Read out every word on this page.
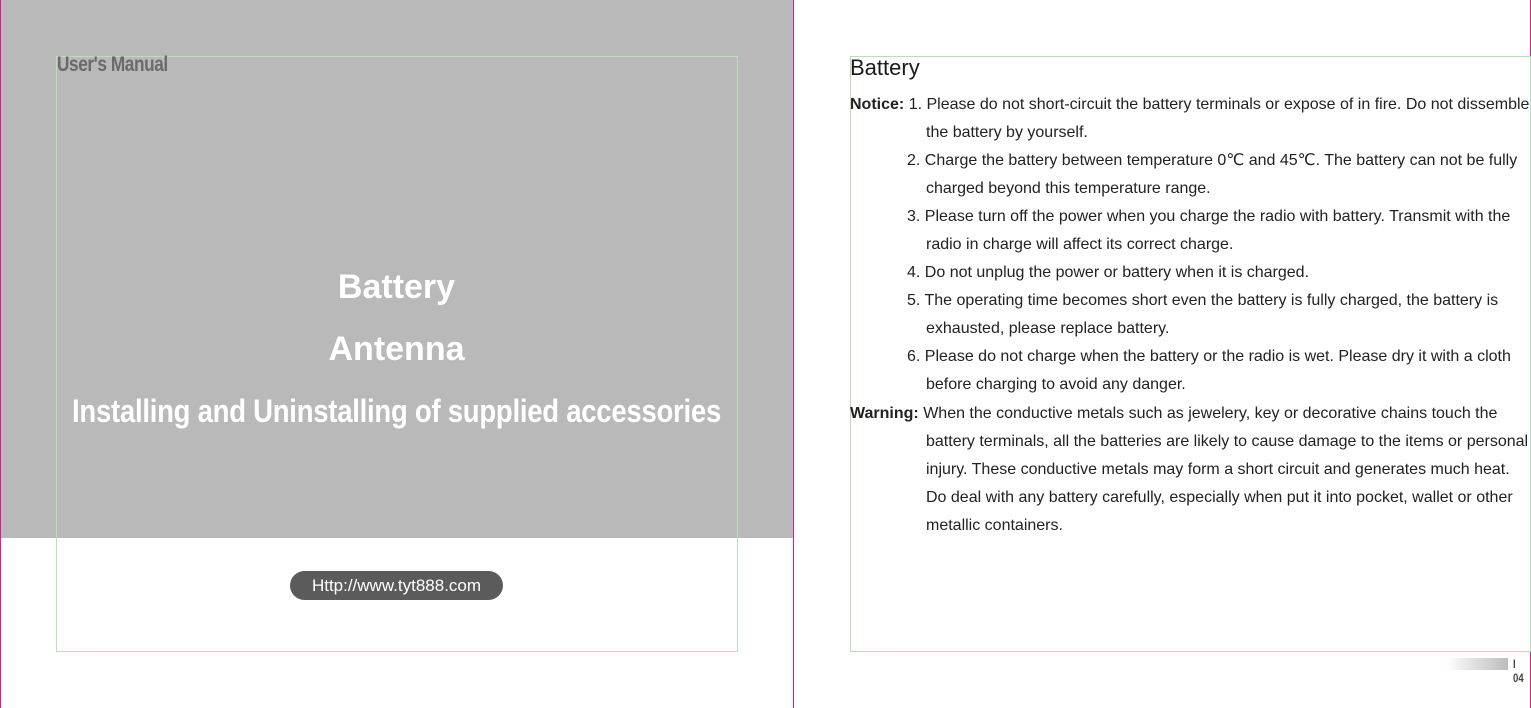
User's Manual
Battery
Antenna
Installing and Uninstalling of supplied accessories
Http://www.tyt888.com
Battery
Notice: 1. Please do not short-circuit the battery terminals or expose of in fire. Do not dissemble
the battery by yourself.
2. Charge the battery between temperature 0℃ and 45℃. The battery can not be fully
charged beyond this temperature range.
3. Please turn off the power when you charge the radio with battery. Transmit with the
radio in charge will affect its correct charge.
4. Do not unplug the power or battery when it is charged.
5. The operating time becomes short even the battery is fully charged, the battery is
exhausted, please replace battery.
6. Please do not charge when the battery or the radio is wet. Please dry it with a cloth
before charging to avoid any danger.
Warning: When the conductive metals such as jewelery, key or decorative chains touch the
battery terminals, all the batteries are likely to cause damage to the items or personal
injury. These conductive metals may form a short circuit and generates much heat.
Do deal with any battery carefully, especially when put it into pocket, wallet or other
metallic containers.
I 04
